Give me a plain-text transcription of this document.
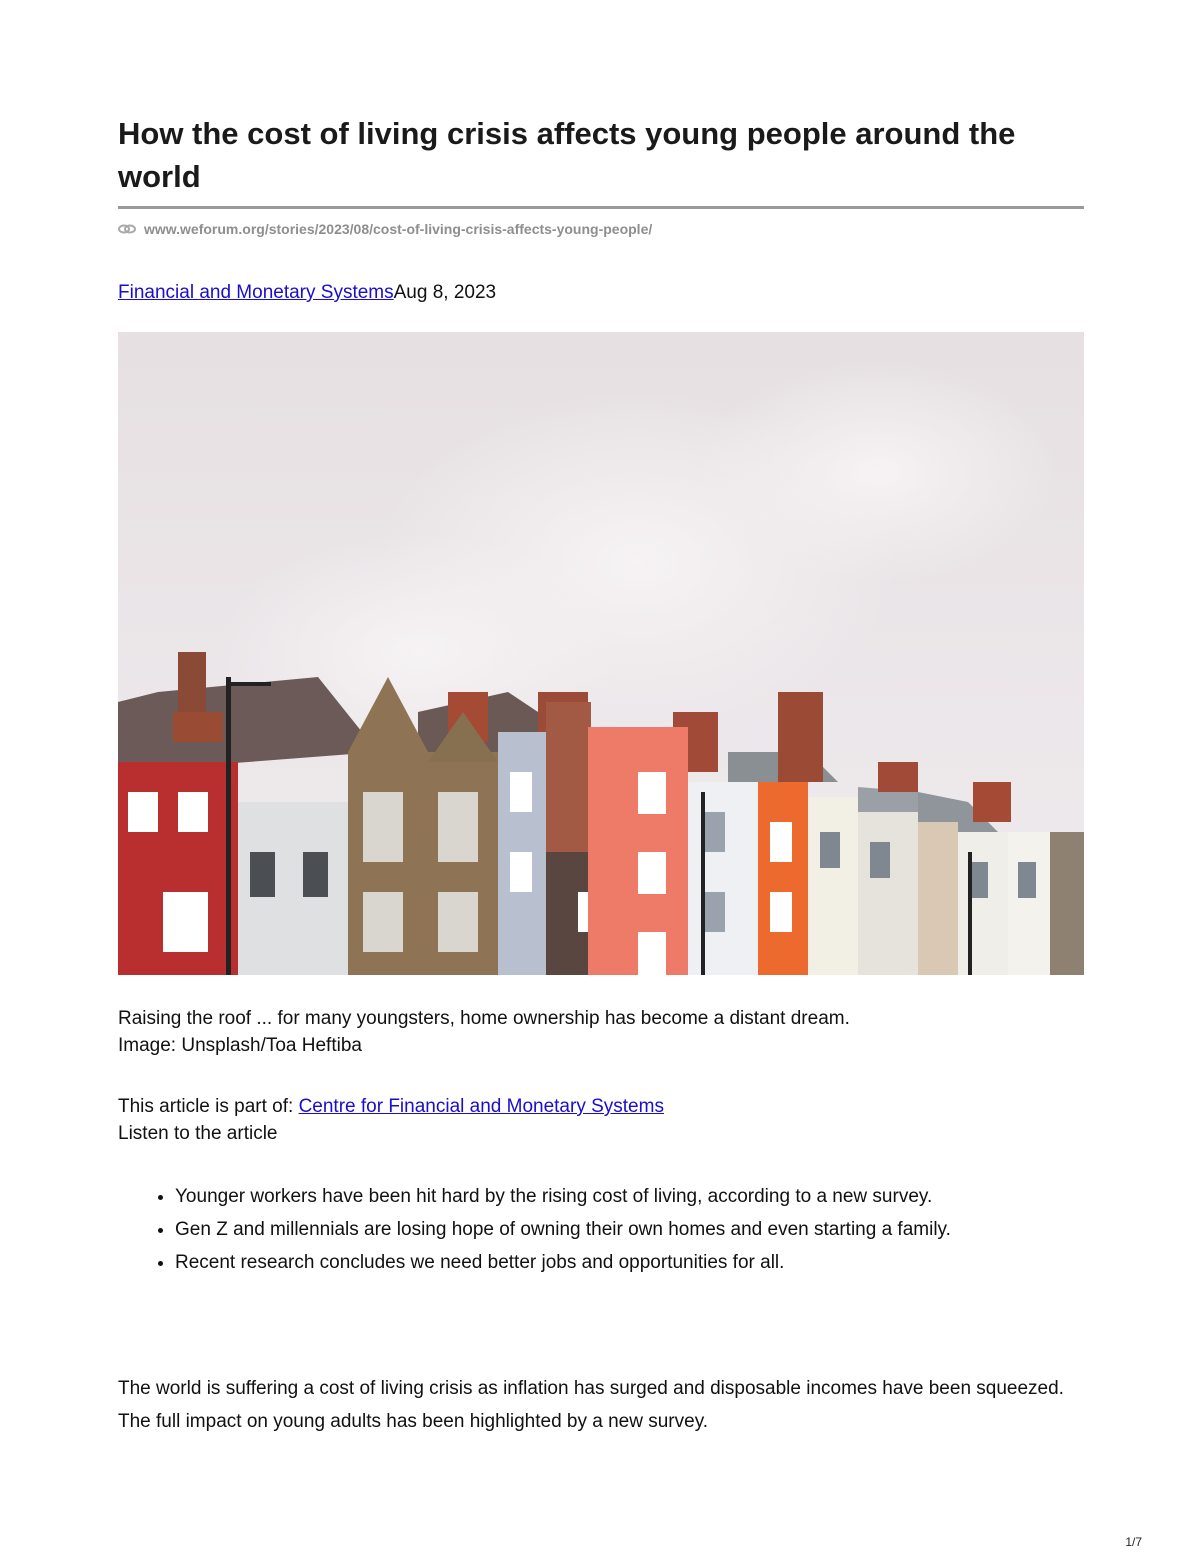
How the cost of living crisis affects young people around the world
www.weforum.org/stories/2023/08/cost-of-living-crisis-affects-young-people/
Financial and Monetary SystemsAug 8, 2023
Raising the roof ... for many youngsters, home ownership has become a distant dream.
Image: Unsplash/Toa Heftiba
This article is part of: Centre for Financial and Monetary Systems
Listen to the article
• Younger workers have been hit hard by the rising cost of living, according to a new survey.
• Gen Z and millennials are losing hope of owning their own homes and even starting a family.
• Recent research concludes we need better jobs and opportunities for all.

The world is suffering a cost of living crisis as inflation has surged and disposable incomes have been squeezed. The full impact on young adults has been highlighted by a new survey.

1/7
